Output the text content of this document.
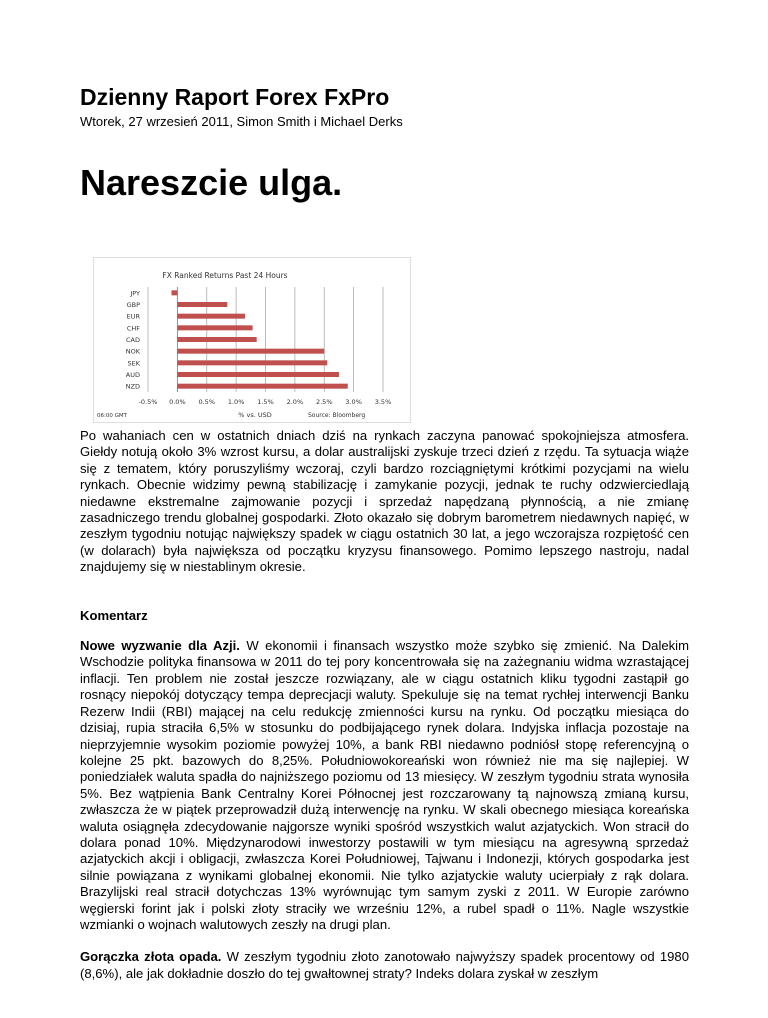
Dzienny Raport Forex FxPro
Wtorek, 27 wrzesień 2011, Simon Smith i Michael Derks
Nareszcie ulga.
FX Ranked Returns Past 24 Hours
-0.5% 0.0% 0.5% 1.0% 1.5% 2.0% 2.5% 3.0% 3.5%
JPY
GBP
EUR
CHF
CAD
NOK
SEK
AUD
NZD
06:00 GMT	% vs. USD	Source: Bloomberg

Po wahaniach cen w ostatnich dniach dziś na rynkach zaczyna panować spokojniejsza atmosfera. Giełdy notują około 3% wzrost kursu, a dolar australijski zyskuje trzeci dzień z rzędu. Ta sytuacja wiąże się z tematem, który poruszyliśmy wczoraj, czyli bardzo rozciągniętymi krótkimi pozycjami na wielu rynkach. Obecnie widzimy pewną stabilizację i zamykanie pozycji, jednak te ruchy odzwierciedlają niedawne ekstremalne zajmowanie pozycji i sprzedaż napędzaną płynnością, a nie zmianę zasadniczego trendu globalnej gospodarki. Złoto okazało się dobrym barometrem niedawnych napięć, w zeszłym tygodniu notując największy spadek w ciągu ostatnich 30 lat, a jego wczorajsza rozpiętość cen (w dolarach) była największa od początku kryzysu finansowego. Pomimo lepszego nastroju, nadal znajdujemy się w niestablinym okresie.

Komentarz

Nowe wyzwanie dla Azji. W ekonomii i finansach wszystko może szybko się zmienić. Na Dalekim Wschodzie polityka finansowa w 2011 do tej pory koncentrowała się na zażegnaniu widma wzrastającej inflacji. Ten problem nie został jeszcze rozwiązany, ale w ciągu ostatnich kliku tygodni zastąpił go rosnący niepokój dotyczący tempa deprecjacji waluty. Spekuluje się na temat rychłej interwencji Banku Rezerw Indii (RBI) mającej na celu redukcję zmienności kursu na rynku. Od początku miesiąca do dzisiaj, rupia straciła 6,5% w stosunku do podbijającego rynek dolara. Indyjska inflacja pozostaje na nieprzyjemnie wysokim poziomie powyżej 10%, a bank RBI niedawno podniósł stopę referencyjną o kolejne 25 pkt. bazowych do 8,25%. Południowokoreański won również nie ma się najlepiej. W poniedziałek waluta spadła do najniższego poziomu od 13 miesięcy. W zeszłym tygodniu strata wynosiła 5%. Bez wątpienia Bank Centralny Korei Północnej jest rozczarowany tą najnowszą zmianą kursu, zwłaszcza że w piątek przeprowadził dużą interwencję na rynku. W skali obecnego miesiąca koreańska waluta osiągnęła zdecydowanie najgorsze wyniki spośród wszystkich walut azjatyckich. Won stracił do dolara ponad 10%. Międzynarodowi inwestorzy postawili w tym miesiącu na agresywną sprzedaż azjatyckich akcji i obligacji, zwłaszcza Korei Południowej, Tajwanu i Indonezji, których gospodarka jest silnie powiązana z wynikami globalnej ekonomii. Nie tylko azjatyckie waluty ucierpiały z rąk dolara. Brazylijski real stracił dotychczas 13% wyrównując tym samym zyski z 2011. W Europie zarówno węgierski forint jak i polski złoty straciły we wrześniu 12%, a rubel spadł o 11%. Nagle wszystkie wzmianki o wojnach walutowych zeszły na drugi plan.

Gorączka złota opada. W zeszłym tygodniu złoto zanotowało najwyższy spadek procentowy od 1980 (8,6%), ale jak dokładnie doszło do tej gwałtownej straty? Indeks dolara zyskał w zeszłym
